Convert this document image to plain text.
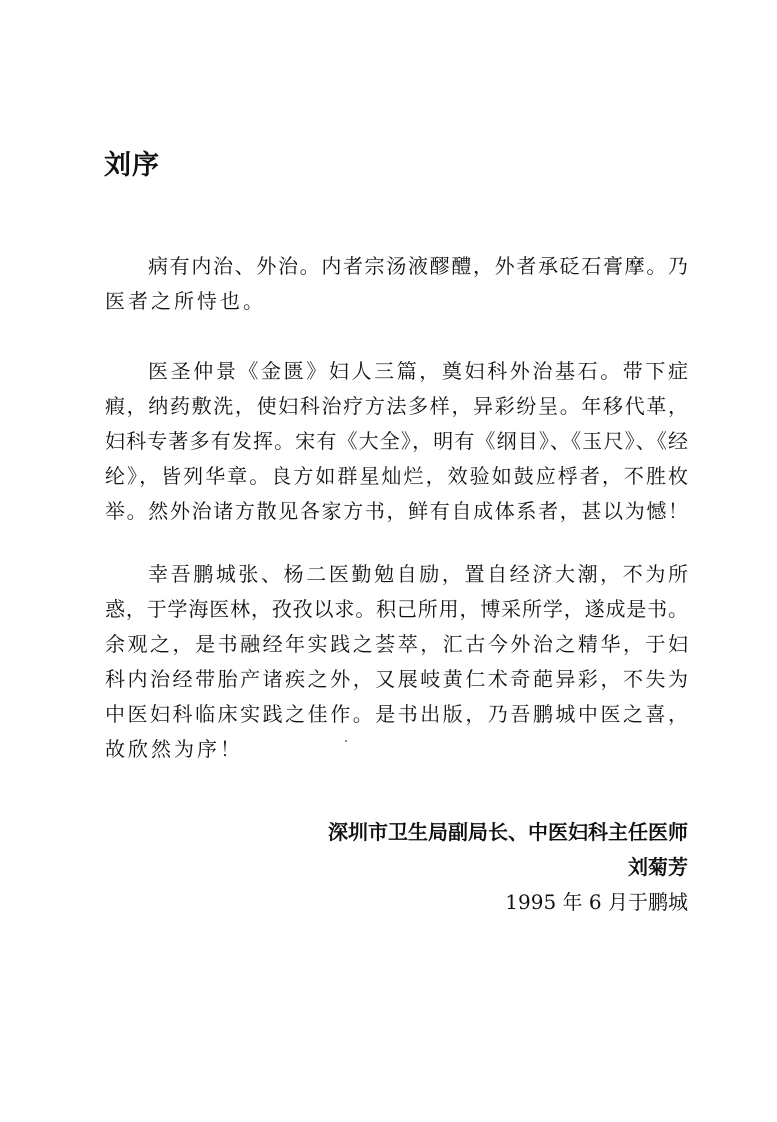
刘序
病有内治、外治。内者宗汤液醪醴，外者承砭石膏摩。乃
医者之所恃也。
医圣仲景《金匮》妇人三篇，奠妇科外治基石。带下症
瘕，纳药敷洗，使妇科治疗方法多样，异彩纷呈。年移代革，
妇科专著多有发挥。宋有《大全》，明有《纲目》、《玉尺》、《经
纶》，皆列华章。良方如群星灿烂，效验如鼓应桴者，不胜枚
举。然外治诸方散见各家方书，鲜有自成体系者，甚以为憾！
幸吾鹏城张、杨二医勤勉自励，置自经济大潮，不为所
惑，于学海医林，孜孜以求。积己所用，博采所学，遂成是书。
余观之，是书融经年实践之荟萃，汇古今外治之精华，于妇
科内治经带胎产诸疾之外，又展岐黄仁术奇葩异彩，不失为
中医妇科临床实践之佳作。是书出版，乃吾鹏城中医之喜，
故欣然为序！
深圳市卫生局副局长、中医妇科主任医师
刘菊芳
1995 年 6 月于鹏城
